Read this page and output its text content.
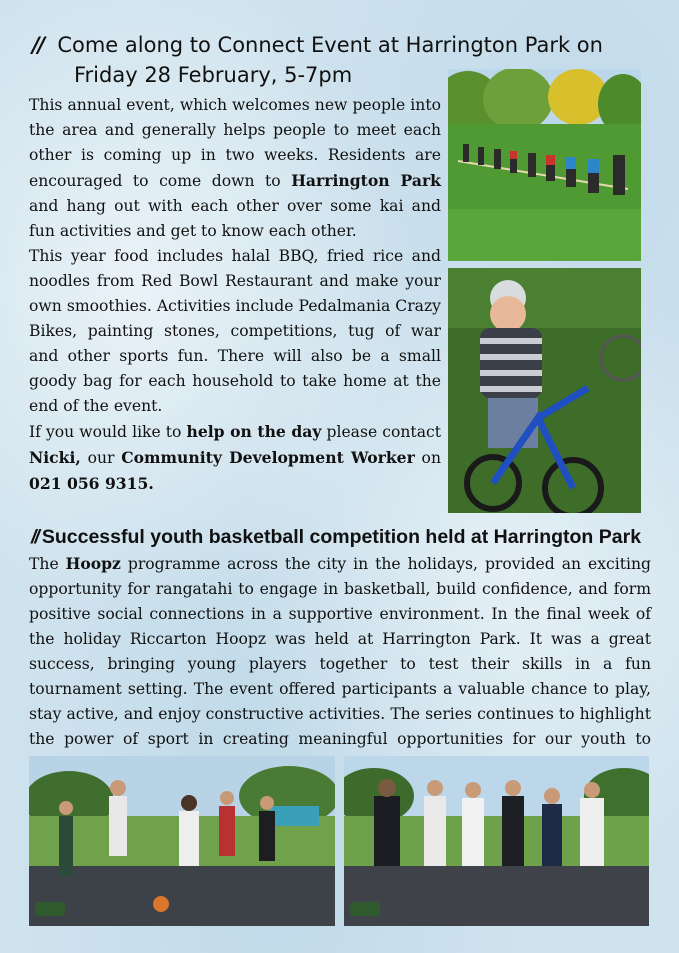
// Come along to Connect Event at Harrington Park on
Friday 28 February, 5-7pm

This annual event, which welcomes new people into the area and generally helps people to meet each other is coming up in two weeks. Residents are encouraged to come down to Harrington Park and hang out with each other over some kai and fun activities and get to know each other.

This year food includes halal BBQ, fried rice and noodles from Red Bowl Restaurant and make your own smoothies. Activities include Pedalmania Crazy Bikes, painting stones, competitions, tug of war and other sports fun. There will also be a small goody bag for each household to take home at the end of the event.

If you would like to help on the day please contact Nicki, our Community Development Worker on 021 056 9315.

// Successful youth basketball competition held at Harrington Park
The Hoopz programme across the city in the holidays, provided an exciting opportunity for rangatahi to engage in basketball, build confidence, and form positive social connections in a supportive environment. In the final week of the holiday Riccarton Hoopz was held at Harrington Park. It was a great success, bringing young players together to test their skills in a fun tournament setting. The event offered participants a valuable chance to play, stay active, and enjoy constructive activities. The series continues to highlight the power of sport in creating meaningful opportunities for our youth to
